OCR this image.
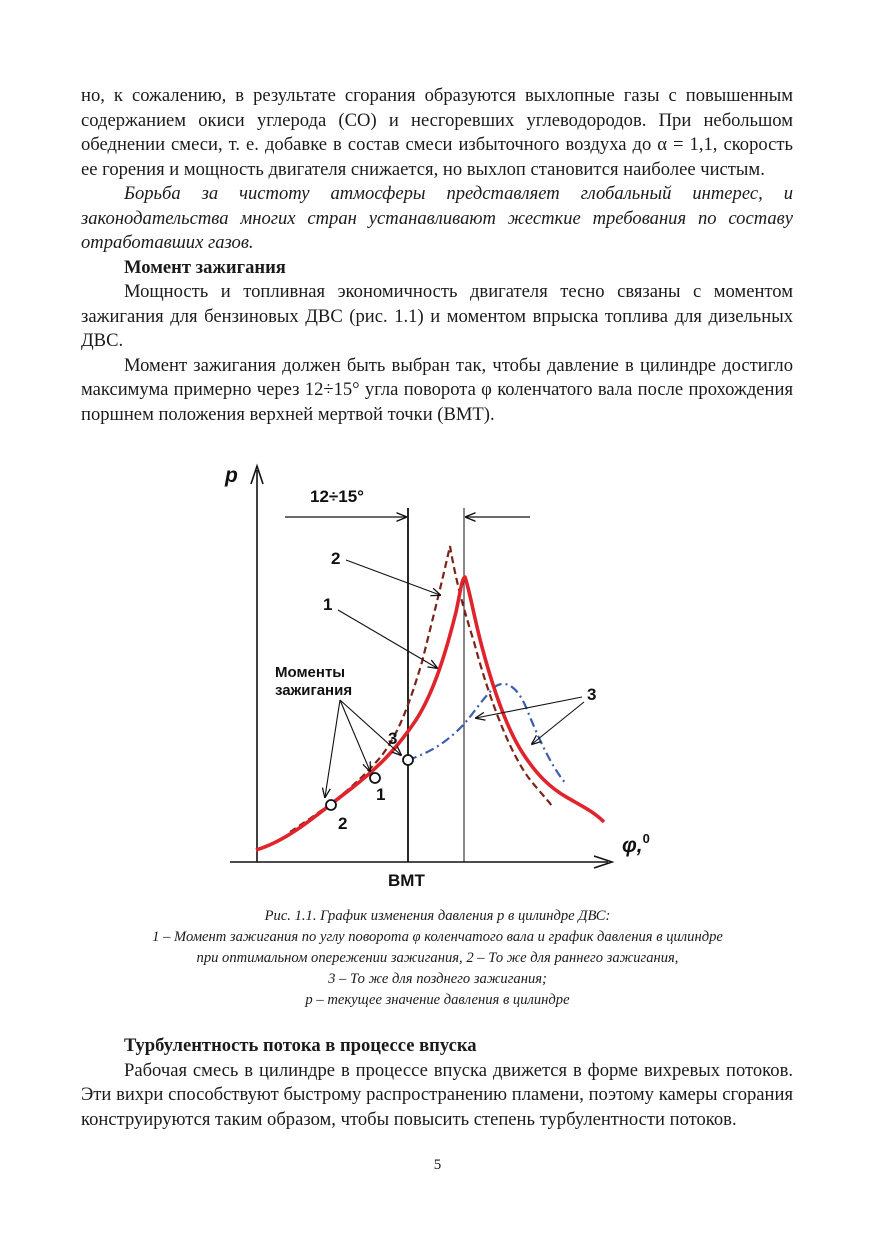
но, к сожалению, в результате сгорания образуются выхлопные газы с повышенным содержанием окиси углерода (СО) и несгоревших углеводородов. При небольшом обеднении смеси, т. е. добавке в состав смеси избыточного воздуха до α = 1,1, скорость ее горения и мощность двигателя снижается, но выхлоп становится наиболее чистым.

Борьба за чистоту атмосферы представляет глобальный интерес, и законодательства многих стран устанавливают жесткие требования по составу отработавших газов.

Момент зажигания

Мощность и топливная экономичность двигателя тесно связаны с моментом зажигания для бензиновых ДВС (рис. 1.1) и моментом впрыска топлива для дизельных ДВС.

Момент зажигания должен быть выбран так, чтобы давление в цилиндре достигло максимума примерно через 12÷15° угла поворота φ коленчатого вала после прохождения поршнем положения верхней мертвой точки (ВМТ).

12÷15°
p
φ,$^0$
ВМТ
2
1
3
Моменты
зажигания
2
1
3
Рис. 1.1. График изменения давления p в цилиндре ДВС:
1 – Момент зажигания по углу поворота φ коленчатого вала и график давления в цилиндре
при оптимальном опережении зажигания, 2 – То же для раннего зажигания,
3 – То же для позднего зажигания;
p – текущее значение давления в цилиндре
Турбулентность потока в процессе впуска

Рабочая смесь в цилиндре в процессе впуска движется в форме вихревых потоков. Эти вихри способствуют быстрому распространению пламени, поэтому камеры сгорания конструируются таким образом, чтобы повысить степень турбулентности потоков.

5
